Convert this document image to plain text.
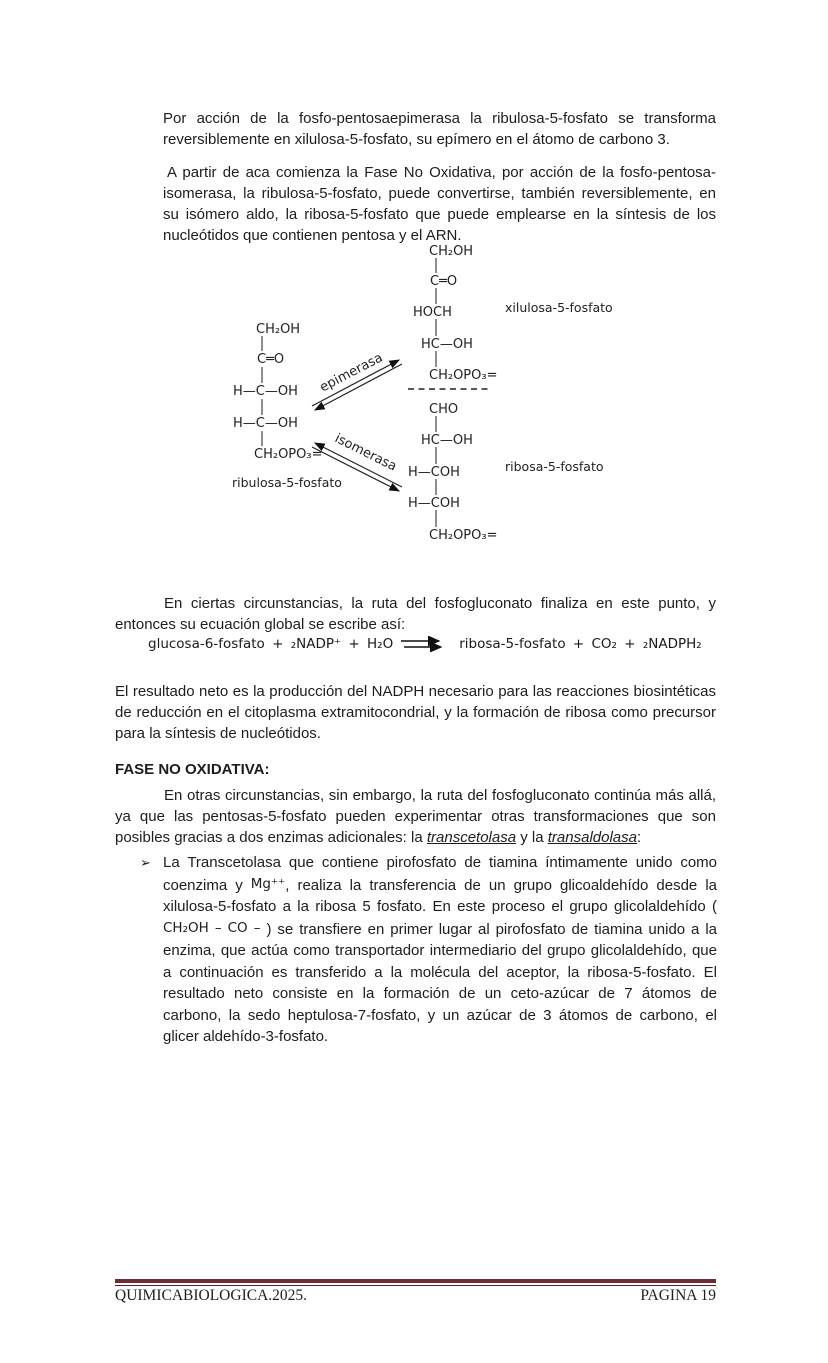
Por acción de la fosfo-pentosaepimerasa la ribulosa-5-fosfato se transforma reversiblemente en xilulosa-5-fosfato, su epímero en el átomo de carbono 3.

A partir de aca comienza la Fase No Oxidativa, por acción de la fosfo-pentosa-isomerasa, la ribulosa-5-fosfato, puede convertirse, también reversiblemente, en su isómero aldo, la ribosa-5-fosfato que puede emplearse en la síntesis de los nucleótidos que contienen pentosa y el ARN.

CH₂OH
C═O
H—C—OH
H—C—OH
CH₂OPO₃=
ribulosa-5-fosfato
CH₂OH
C═O
HOCH
HC—OH
CH₂OPO₃=
xilulosa-5-fosfato
CHO
HC—OH
H—COH
H—COH
CH₂OPO₃=
ribosa-5-fosfato
epimerasa
isomerasa

En ciertas circunstancias, la ruta del fosfogluconato finaliza en este punto, y entonces su ecuación global se escribe así:

glucosa-6-fosfato + ₂NADP⁺ + H₂O	ribosa-5-fosfato + CO₂ + ₂NADPH₂

El resultado neto es la producción del NADPH necesario para las reacciones biosintéticas de reducción en el citoplasma extramitocondrial, y la formación de ribosa como precursor para la síntesis de nucleótidos.

FASE NO OXIDATIVA:

En otras circunstancias, sin embargo, la ruta del fosfogluconato continúa más allá, ya que las pentosas-5-fosfato pueden experimentar otras transformaciones que son posibles gracias a dos enzimas adicionales: la transcetolasa y la transaldolasa:

➢ La Transcetolasa que contiene pirofosfato de tiamina íntimamente unido como coenzima y Mg⁺⁺, realiza la transferencia de un grupo glicoaldehído desde la xilulosa-5-fosfato a la ribosa 5 fosfato. En este proceso el grupo glicolaldehído ( CH₂OH – CO – ) se transfiere en primer lugar al pirofosfato de tiamina unido a la enzima, que actúa como transportador intermediario del grupo glicolaldehído, que a continuación es transferido a la molécula del aceptor, la ribosa-5-fosfato. El resultado neto consiste en la formación de un ceto-azúcar de 7 átomos de carbono, la sedo heptulosa-7-fosfato, y un azúcar de 3 átomos de carbono, el glicer aldehído-3-fosfato.
QUIMICABIOLOGICA.2025.	PAGINA 19
